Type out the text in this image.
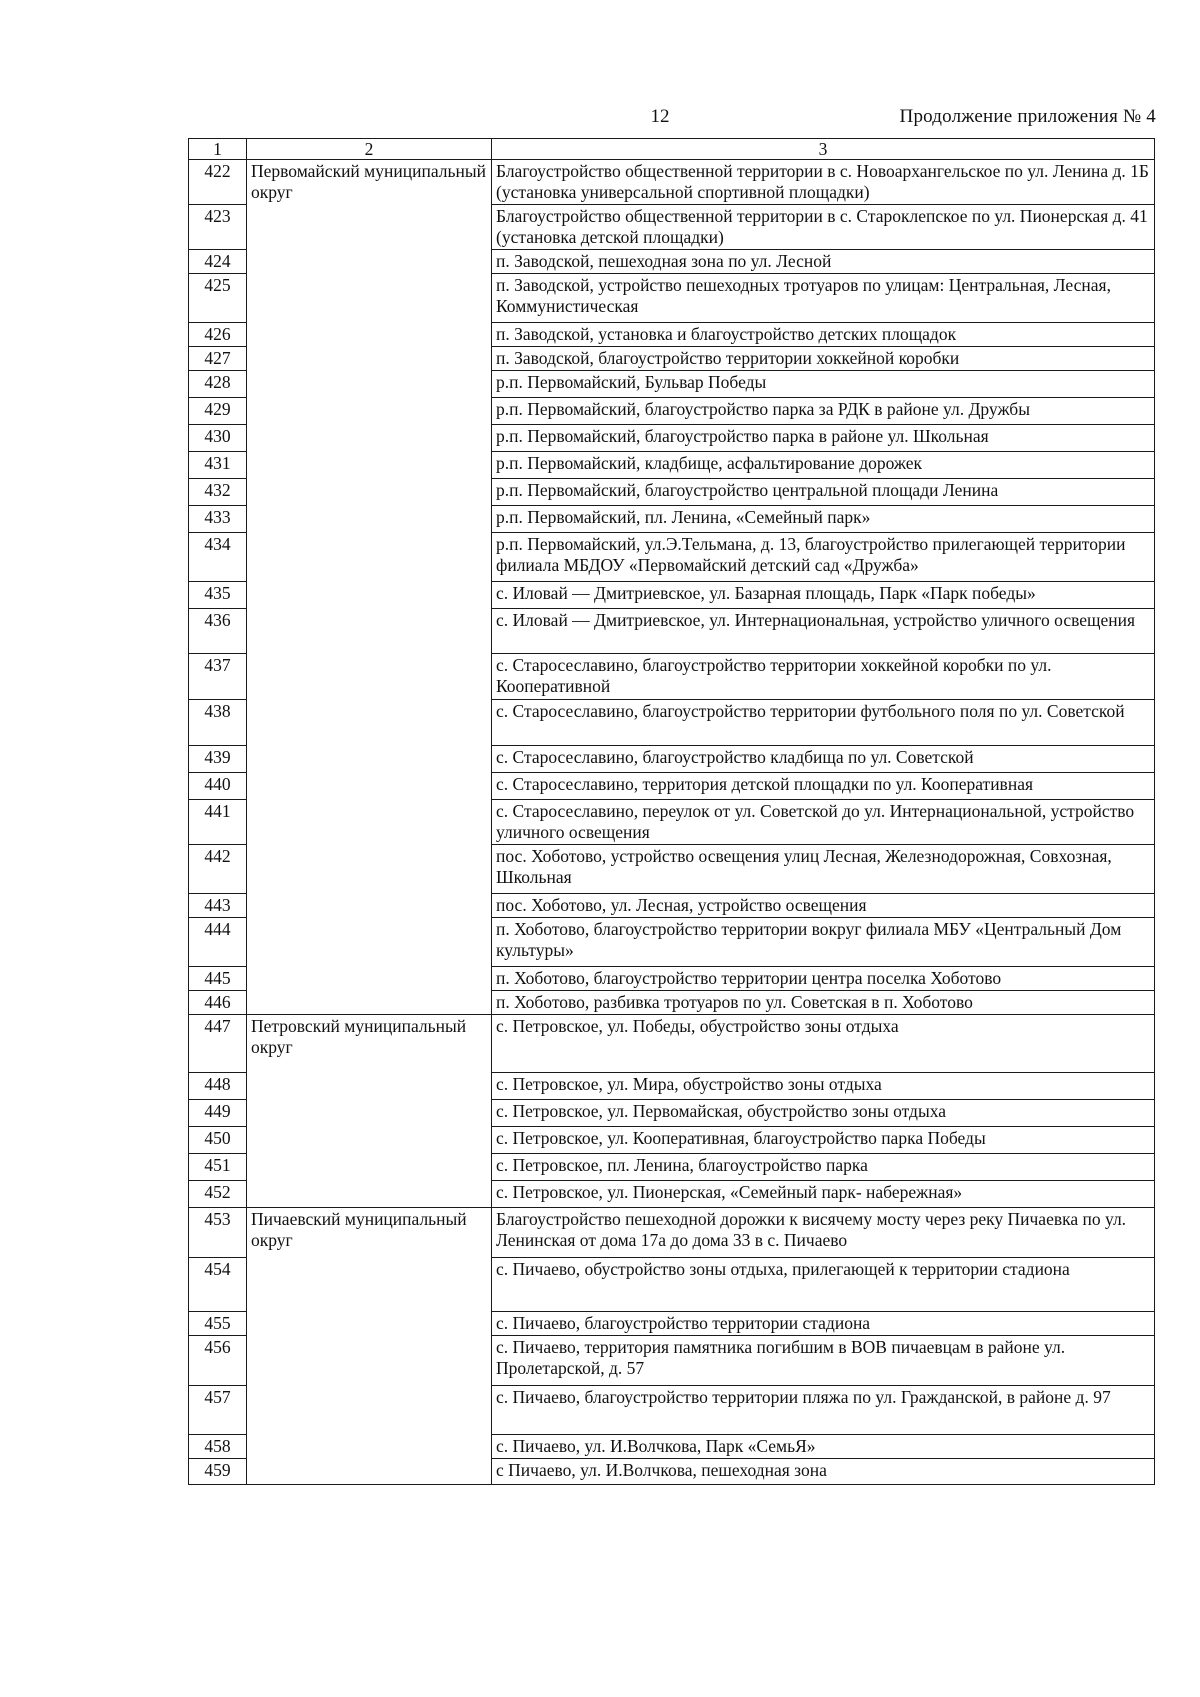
12	Продолжение приложения № 4
1	2	3
422	Первомайский муниципальный округ	Благоустройство общественной территории в с. Новоархангельское по ул. Ленина д. 1Б (установка универсальной спортивной площадки)
423		Благоустройство общественной территории в с. Староклепское по ул. Пионерская д. 41 (установка детской площадки)
424		п. Заводской, пешеходная зона по ул. Лесной
425		п. Заводской, устройство пешеходных тротуаров по улицам: Центральная, Лесная, Коммунистическая
426		п. Заводской, установка и благоустройство детских площадок
427		п. Заводской, благоустройство территории хоккейной коробки
428		р.п. Первомайский, Бульвар Победы
429		р.п. Первомайский, благоустройство парка за РДК в районе ул. Дружбы
430		р.п. Первомайский, благоустройство парка в районе ул. Школьная
431		р.п. Первомайский, кладбище, асфальтирование дорожек
432		р.п. Первомайский, благоустройство центральной площади Ленина
433		р.п. Первомайский, пл. Ленина, «Семейный парк»
434		р.п. Первомайский, ул.Э.Тельмана, д. 13, благоустройство прилегающей территории филиала МБДОУ «Первомайский детский сад «Дружба»
435		с. Иловай — Дмитриевское, ул. Базарная площадь, Парк «Парк победы»
436		с. Иловай — Дмитриевское, ул. Интернациональная, устройство уличного освещения
437		с. Старосеславино, благоустройство территории хоккейной коробки по ул. Кооперативной
438		с. Старосеславино, благоустройство территории футбольного поля по ул. Советской
439		с. Старосеславино, благоустройство кладбища по ул. Советской
440		с. Старосеславино, территория детской площадки по ул. Кооперативная
441		с. Старосеславино, переулок от ул. Советской до ул. Интернациональной, устройство уличного освещения
442		пос. Хоботово, устройство освещения улиц Лесная, Железнодорожная, Совхозная, Школьная
443		пос. Хоботово, ул. Лесная, устройство освещения
444		п. Хоботово, благоустройство территории вокруг филиала МБУ «Центральный Дом культуры»
445		п. Хоботово, благоустройство территории центра поселка Хоботово
446		п. Хоботово, разбивка тротуаров по ул. Советская в п. Хоботово
447	Петровский муниципальный округ	с. Петровское, ул. Победы, обустройство зоны отдыха
448		с. Петровское, ул. Мира, обустройство зоны отдыха
449		с. Петровское, ул. Первомайская, обустройство зоны отдыха
450		с. Петровское, ул. Кооперативная, благоустройство парка Победы
451		с. Петровское, пл. Ленина, благоустройство парка
452		с. Петровское, ул. Пионерская, «Семейный парк- набережная»
453	Пичаевский муниципальный округ	Благоустройство пешеходной дорожки к висячему мосту через реку Пичаевка по ул. Ленинская от дома 17а до дома 33 в с. Пичаево
454		с. Пичаево, обустройство зоны отдыха, прилегающей к территории стадиона
455		с. Пичаево, благоустройство территории стадиона
456		с. Пичаево, территория памятника погибшим в ВОВ пичаевцам в районе ул. Пролетарской, д. 57
457		с. Пичаево, благоустройство территории пляжа по ул. Гражданской, в районе д. 97
458		с. Пичаево, ул. И.Волчкова, Парк «СемьЯ»
459		с Пичаево, ул. И.Волчкова, пешеходная зона
